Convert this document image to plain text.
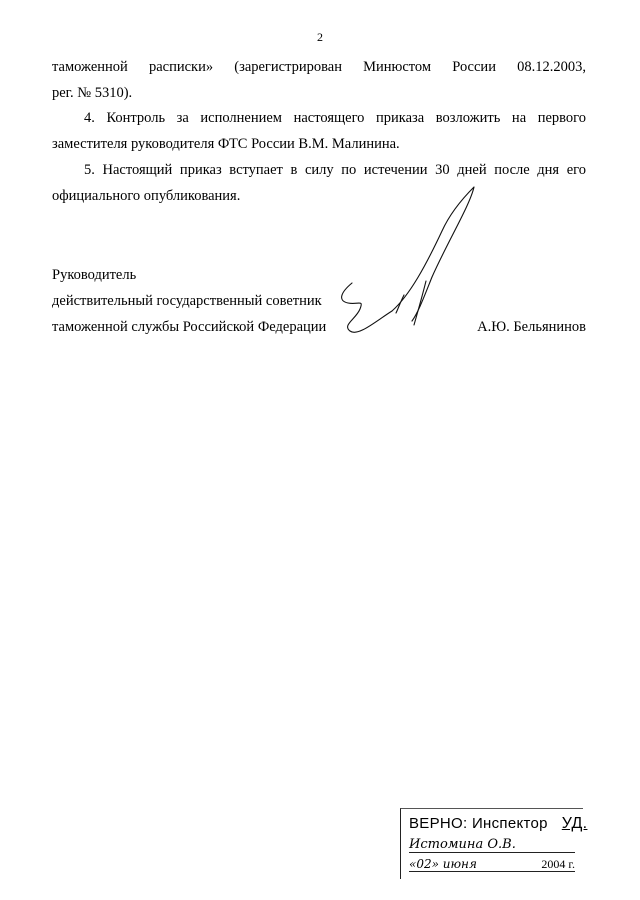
2
таможенной расписки» (зарегистрирован Минюстом России 08.12.2003,
рег. № 5310).
4. Контроль за исполнением настоящего приказа возложить на первого
заместителя руководителя ФТС России В.М. Малинина.
5. Настоящий приказ вступает в силу по истечении 30 дней после дня его
официального опубликования.
Руководитель
действительный государственный советник
таможенной службы Российской Федерации	А.Ю. Бельянинов
ВЕРНО: Инспектор УД.
Истомина О.В.
«02» июня	2004 г.
